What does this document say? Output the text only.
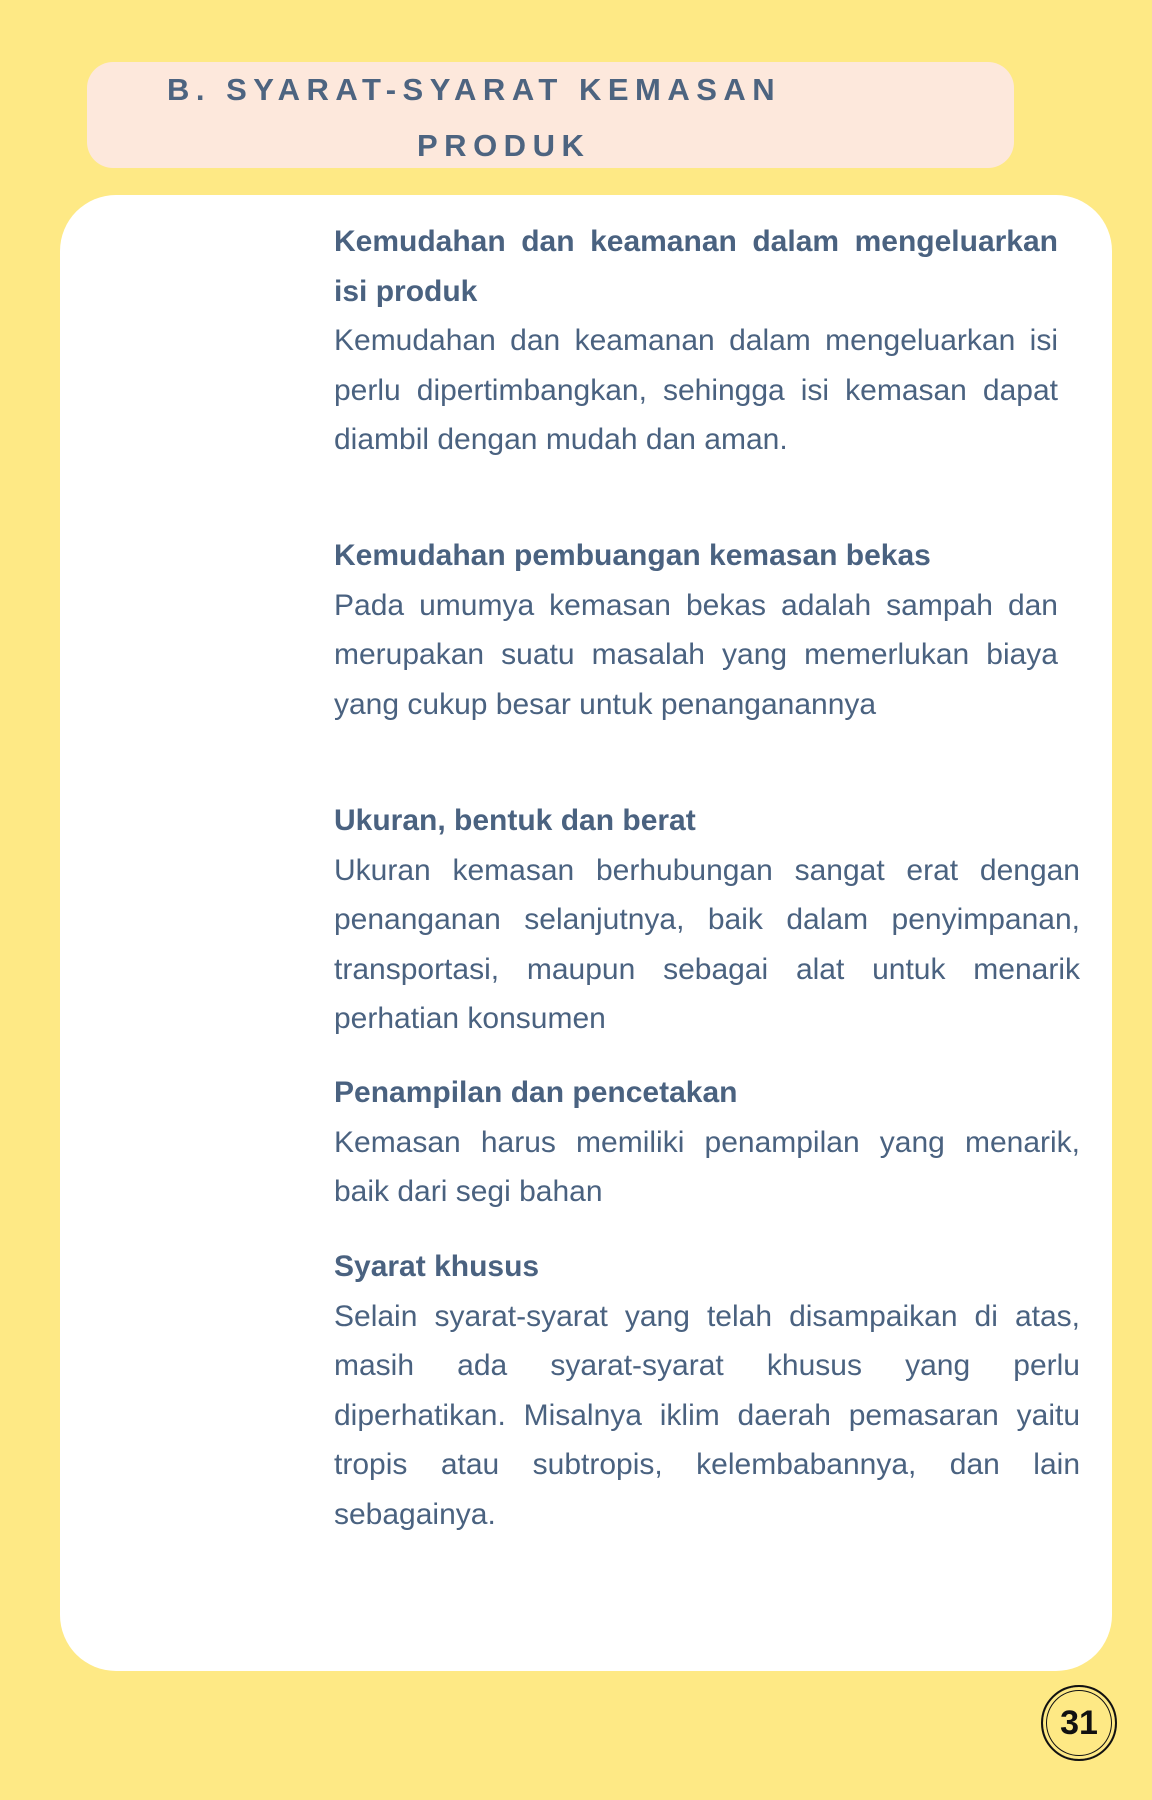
B. SYARAT-SYARAT KEMASAN
PRODUK
Kemudahan dan keamanan dalam mengeluarkan isi produk

Kemudahan dan keamanan dalam mengeluarkan isi perlu dipertimbangkan, sehingga isi kemasan dapat diambil dengan mudah dan aman.

Kemudahan pembuangan kemasan bekas

Pada umumya kemasan bekas adalah sampah dan merupakan suatu masalah yang memerlukan biaya yang cukup besar untuk penanganannya

Ukuran, bentuk dan berat

Ukuran kemasan berhubungan sangat erat dengan penanganan selanjutnya, baik dalam penyimpanan, transportasi, maupun sebagai alat untuk menarik perhatian konsumen

Penampilan dan pencetakan

Kemasan harus memiliki penampilan yang menarik, baik dari segi bahan

Syarat khusus

Selain syarat-syarat yang telah disampaikan di atas, masih ada syarat-syarat khusus yang perlu diperhatikan. Misalnya iklim daerah pemasaran yaitu tropis atau subtropis, kelembabannya, dan lain sebagainya.

31
